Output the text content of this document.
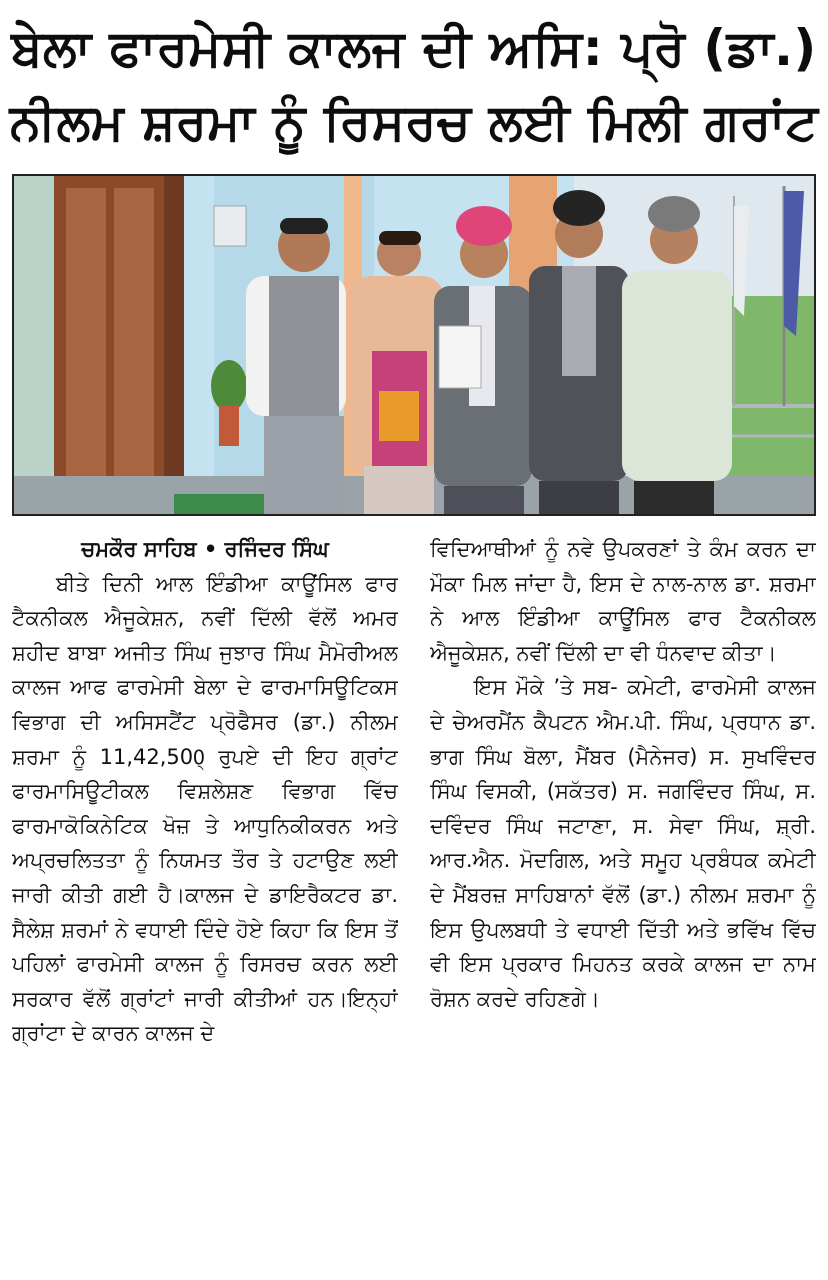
ਬੇਲਾ ਫਾਰਮੇਸੀ ਕਾਲਜ ਦੀ ਅਸਿ: ਪ੍ਰੋ (ਡਾ.)
ਨੀਲਮ ਸ਼ਰਮਾ ਨੂੰ ਰਿਸਰਚ ਲਈ ਮਿਲੀ ਗਰਾਂਟ
ਚਮਕੌਰ ਸਾਹਿਬ • ਰਜਿੰਦਰ ਸਿੰਘ

ਬੀਤੇ ਦਿਨੀ ਆਲ ਇੰਡੀਆ ਕਾਊਂਸਿਲ ਫਾਰ ਟੈਕਨੀਕਲ ਐਜੂਕੇਸ਼ਨ, ਨਵੀਂ ਦਿੱਲੀ ਵੱਲੋਂ ਅਮਰ ਸ਼ਹੀਦ ਬਾਬਾ ਅਜੀਤ ਸਿੰਘ ਜੁਝਾਰ ਸਿੰਘ ਮੈਮੋਰੀਅਲ ਕਾਲਜ ਆਫ ਫਾਰਮੇਸੀ ਬੇਲਾ ਦੇ ਫਾਰਮਾਸਿਊਟਿਕਸ ਵਿਭਾਗ ਦੀ ਅਸਿਸਟੈਂਟ ਪ੍ਰੋਫੈਸਰ (ਡਾ.) ਨੀਲਮ ਸ਼ਰਮਾ ਨੂੰ 11,42,500੍ ਰੁਪਏ ਦੀ ਇਹ ਗ੍ਰਾਂਟ ਫਾਰਮਾਸਿਊਟੀਕਲ ਵਿਸ਼ਲੇਸ਼ਣ ਵਿਭਾਗ ਵਿੱਚ ਫਾਰਮਾਕੋਕਿਨੇਟਿਕ ਖੋਜ਼ ਤੇ ਆਧੁਨਿਕੀਕਰਨ ਅਤੇ ਅਪ੍ਰਚਲਿਤਤਾ ਨੂੰ ਨਿਯਮਤ ਤੌਰ ਤੇ ਹਟਾਉਣ ਲਈ ਜਾਰੀ ਕੀਤੀ ਗਈ ਹੈ।ਕਾਲਜ ਦੇ ਡਾਇਰੈਕਟਰ ਡਾ. ਸੈਲੇਸ਼ ਸ਼ਰਮਾਂ ਨੇ ਵਧਾਈ ਦਿੰਦੇ ਹੋਏ ਕਿਹਾ ਕਿ ਇਸ ਤੋਂ ਪਹਿਲਾਂ ਫਾਰਮੇਸੀ ਕਾਲਜ ਨੂੰ ਰਿਸਰਚ ਕਰਨ ਲਈ ਸਰਕਾਰ ਵੱਲੋਂ ਗ੍ਰਾਂਟਾਂ ਜਾਰੀ ਕੀਤੀਆਂ ਹਨ।ਇਨ੍ਹਾਂ ਗ੍ਰਾਂਟਾ ਦੇ ਕਾਰਨ ਕਾਲਜ ਦੇ

ਵਿਦਿਆਥੀਆਂ ਨੂੰ ਨਵੇ ਉਪਕਰਣਾਂ ਤੇ ਕੰਮ ਕਰਨ ਦਾ ਮੌਕਾ ਮਿਲ ਜਾਂਦਾ ਹੈ, ਇਸ ਦੇ ਨਾਲ-ਨਾਲ ਡਾ. ਸ਼ਰਮਾ ਨੇ ਆਲ ਇੰਡੀਆ ਕਾਊਂਸਿਲ ਫਾਰ ਟੈਕਨੀਕਲ ਐਜੂਕੇਸ਼ਨ, ਨਵੀਂ ਦਿੱਲੀ ਦਾ ਵੀ ਧੰਨਵਾਦ ਕੀਤਾ।

ਇਸ ਮੌਕੇ ’ਤੇ ਸਬ- ਕਮੇਟੀ, ਫਾਰਮੇਸੀ ਕਾਲਜ ਦੇ ਚੇਅਰਮੈਂਨ ਕੈਪਟਨ ਐਮ.ਪੀ. ਸਿੰਘ, ਪ੍ਰਧਾਨ ਡਾ. ਭਾਗ ਸਿੰਘ ਬੋਲਾ, ਮੈਂਬਰ (ਮੈਨੇਜਰ) ਸ. ਸੁਖਵਿੰਦਰ ਸਿੰਘ ਵਿਸਕੀ, (ਸਕੱਤਰ) ਸ. ਜਗਵਿੰਦਰ ਸਿੰਘ, ਸ. ਦਵਿੰਦਰ ਸਿੰਘ ਜਟਾਣਾ, ਸ. ਸੇਵਾ ਸਿੰਘ, ਸ਼੍ਰੀ. ਆਰ.ਐਨ. ਮੋਦਗਿਲ, ਅਤੇ ਸਮੂਹ ਪ੍ਰਬੰਧਕ ਕਮੇਟੀ ਦੇ ਮੈਂਬਰਜ਼ ਸਾਹਿਬਾਨਾਂ ਵੱਲੋਂ (ਡਾ.) ਨੀਲਮ ਸ਼ਰਮਾ ਨੂੰ ਇਸ ਉਪਲਬਧੀ ਤੇ ਵਧਾਈ ਦਿੱਤੀ ਅਤੇ ਭਵਿੱਖ ਵਿੱਚ ਵੀ ਇਸ ਪ੍ਰਕਾਰ ਮਿਹਨਤ ਕਰਕੇ ਕਾਲਜ ਦਾ ਨਾਮ ਰੋਸ਼ਨ ਕਰਦੇ ਰਹਿਣਗੇ।
